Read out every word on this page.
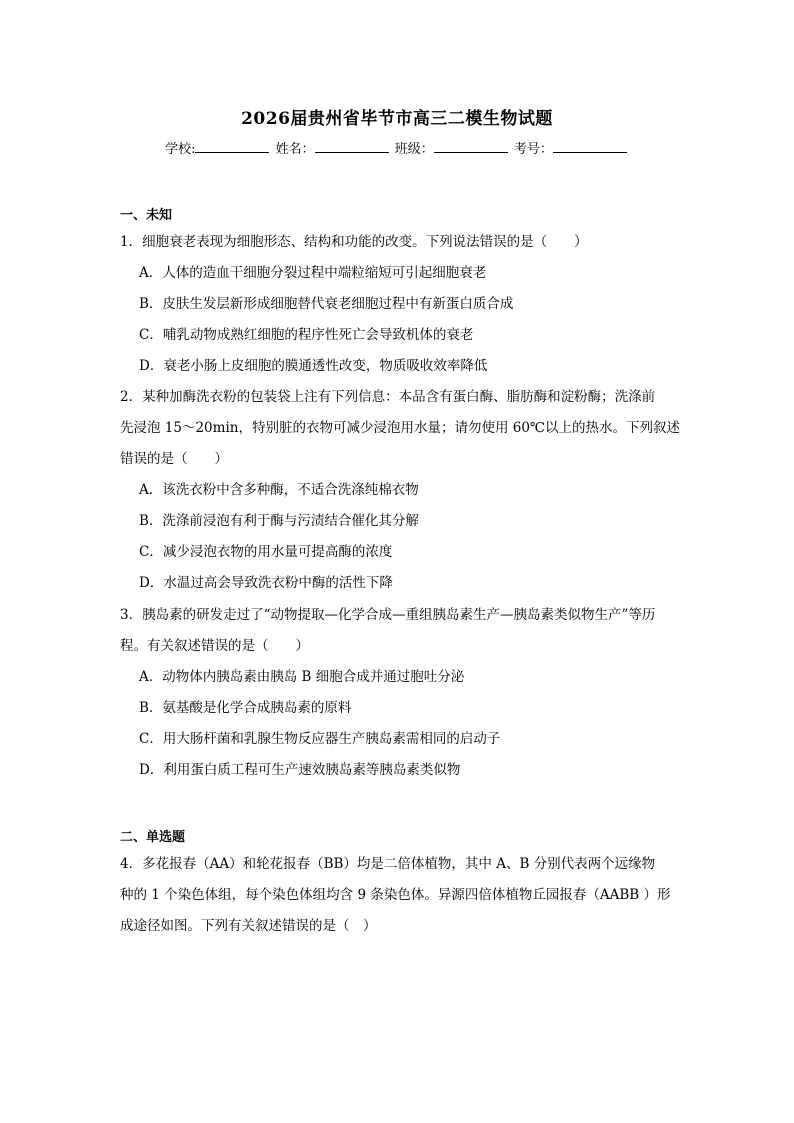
2026届贵州省毕节市高三二模生物试题
学校:	姓名：	班级：	考号：
一、未知
1．细胞衰老表现为细胞形态、结构和功能的改变。下列说法错误的是（　　）
A．人体的造血干细胞分裂过程中端粒缩短可引起细胞衰老
B．皮肤生发层新形成细胞替代衰老细胞过程中有新蛋白质合成
C．哺乳动物成熟红细胞的程序性死亡会导致机体的衰老
D．衰老小肠上皮细胞的膜通透性改变，物质吸收效率降低
2．某种加酶洗衣粉的包装袋上注有下列信息：本品含有蛋白酶、脂肪酶和淀粉酶；洗涤前
先浸泡 15～20min，特别脏的衣物可减少浸泡用水量；请勿使用 60℃以上的热水。下列叙述
错误的是（　　）
A．该洗衣粉中含多种酶，不适合洗涤纯棉衣物
B．洗涤前浸泡有利于酶与污渍结合催化其分解
C．减少浸泡衣物的用水量可提高酶的浓度
D．水温过高会导致洗衣粉中酶的活性下降
3．胰岛素的研发走过了“动物提取—化学合成—重组胰岛素生产—胰岛素类似物生产”等历
程。有关叙述错误的是（　　）
A．动物体内胰岛素由胰岛 B 细胞合成并通过胞吐分泌
B．氨基酸是化学合成胰岛素的原料
C．用大肠杆菌和乳腺生物反应器生产胰岛素需相同的启动子
D．利用蛋白质工程可生产速效胰岛素等胰岛素类似物
二、单选题
4．多花报春（AA）和轮花报春（BB）均是二倍体植物，其中 A、B 分别代表两个远缘物
种的 1 个染色体组，每个染色体组均含 9 条染色体。异源四倍体植物丘园报春（AABB ）形
成途径如图。下列有关叙述错误的是（　）
